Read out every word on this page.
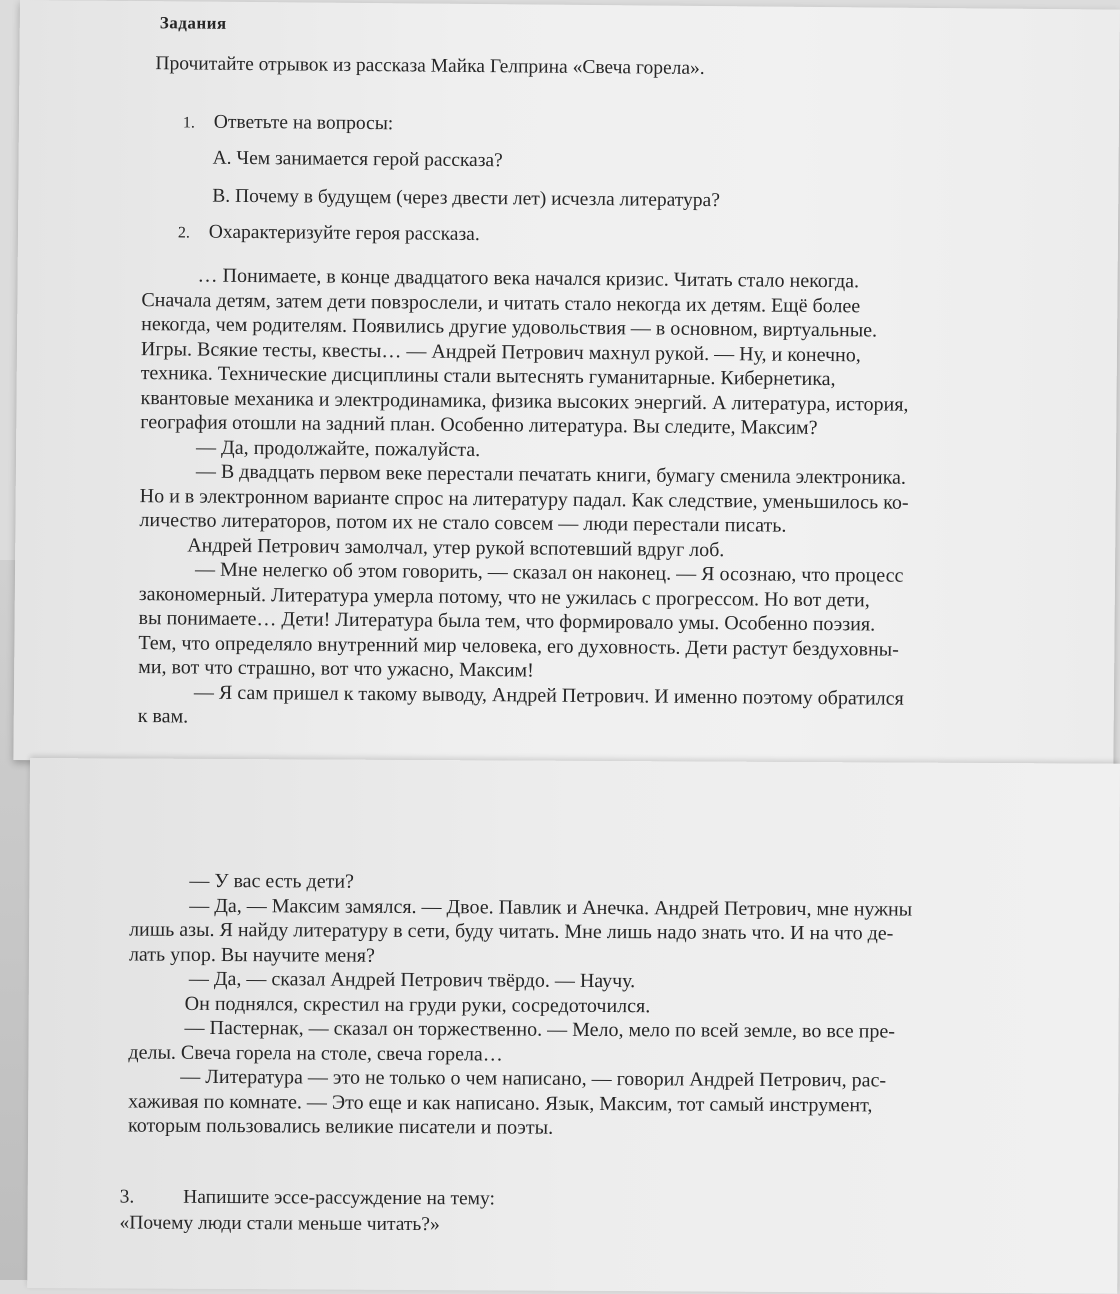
Задания
Прочитайте отрывок из рассказа Майка Гелприна «Свеча горела».
1. Ответьте на вопросы:
А. Чем занимается герой рассказа?
В. Почему в будущем (через двести лет) исчезла литература?
2. Охарактеризуйте героя рассказа.
… Понимаете, в конце двадцатого века начался кризис. Читать стало некогда.
Сначала детям, затем дети повзрослели, и читать стало некогда их детям. Ещё более
некогда, чем родителям. Появились другие удовольствия — в основном, виртуальные.
Игры. Всякие тесты, квесты… — Андрей Петрович махнул рукой. — Ну, и конечно,
техника. Технические дисциплины стали вытеснять гуманитарные. Кибернетика,
квантовые механика и электродинамика, физика высоких энергий. А литература, история,
география отошли на задний план. Особенно литература. Вы следите, Максим?
— Да, продолжайте, пожалуйста.
— В двадцать первом веке перестали печатать книги, бумагу сменила электроника.
Но и в электронном варианте спрос на литературу падал. Как следствие, уменьшилось ко-
личество литераторов, потом их не стало совсем — люди перестали писать.
Андрей Петрович замолчал, утер рукой вспотевший вдруг лоб.
— Мне нелегко об этом говорить, — сказал он наконец. — Я осознаю, что процесс
закономерный. Литература умерла потому, что не ужилась с прогрессом. Но вот дети,
вы понимаете… Дети! Литература была тем, что формировало умы. Особенно поэзия.
Тем, что определяло внутренний мир человека, его духовность. Дети растут бездуховны-
ми, вот что страшно, вот что ужасно, Максим!
— Я сам пришел к такому выводу, Андрей Петрович. И именно поэтому обратился
к вам.
— У вас есть дети?
— Да, — Максим замялся. — Двое. Павлик и Анечка. Андрей Петрович, мне нужны
лишь азы. Я найду литературу в сети, буду читать. Мне лишь надо знать что. И на что де-
лать упор. Вы научите меня?
— Да, — сказал Андрей Петрович твёрдо. — Научу.
Он поднялся, скрестил на груди руки, сосредоточился.
— Пастернак, — сказал он торжественно. — Мело, мело по всей земле, во все пре-
делы. Свеча горела на столе, свеча горела…
— Литература — это не только о чем написано, — говорил Андрей Петрович, рас-
хаживая по комнате. — Это еще и как написано. Язык, Максим, тот самый инструмент,
которым пользовались великие писатели и поэты.
3.	Напишите эссе-рассуждение на тему:
«Почему люди стали меньше читать?»
